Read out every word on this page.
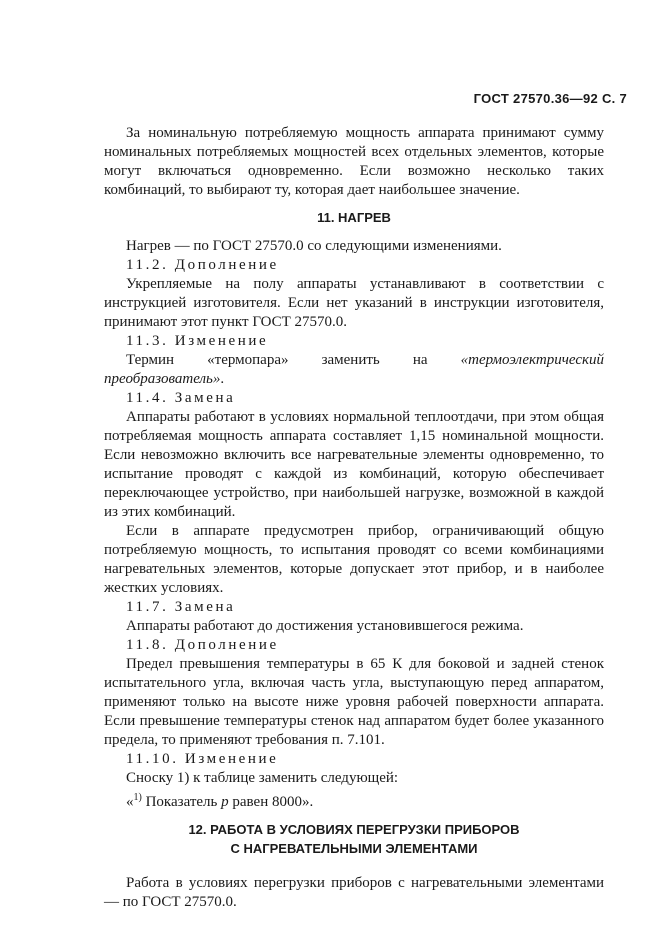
ГОСТ 27570.36—92 С. 7

За номинальную потребляемую мощность аппарата принимают сумму номинальных потребляемых мощностей всех отдельных элементов, которые могут включаться одновременно. Если возможно несколько таких комбинаций, то выбирают ту, которая дает наибольшее значение.

11. НАГРЕВ

Нагрев — по ГОСТ 27570.0 со следующими изменениями.

11.2. Дополнение

Укрепляемые на полу аппараты устанавливают в соответствии с инструкцией изготовителя. Если нет указаний в инструкции изготовителя, принимают этот пункт ГОСТ 27570.0.

11.3. Изменение

Термин «термопара» заменить на «термоэлектрический преобразователь».

11.4. Замена

Аппараты работают в условиях нормальной теплоотдачи, при этом общая потребляемая мощность аппарата составляет 1,15 номинальной мощности. Если невозможно включить все нагревательные элементы одновременно, то испытание проводят с каждой из комбинаций, которую обеспечивает переключающее устройство, при наибольшей нагрузке, возможной в каждой из этих комбинаций.

Если в аппарате предусмотрен прибор, ограничивающий общую потребляемую мощность, то испытания проводят со всеми комбинациями нагревательных элементов, которые допускает этот прибор, и в наиболее жестких условиях.

11.7. Замена

Аппараты работают до достижения установившегося режима.

11.8. Дополнение

Предел превышения температуры в 65 К для боковой и задней стенок испытательного угла, включая часть угла, выступающую перед аппаратом, применяют только на высоте ниже уровня рабочей поверхности аппарата. Если превышение температуры стенок над аппаратом будет более указанного предела, то применяют требования п. 7.101.

11.10. Изменение

Сноску 1) к таблице заменить следующей:

«$^{1)}$ Показатель р равен 8000».

12. РАБОТА В УСЛОВИЯХ ПЕРЕГРУЗКИ ПРИБОРОВ
С НАГРЕВАТЕЛЬНЫМИ ЭЛЕМЕНТАМИ

Работа в условиях перегрузки приборов с нагревательными элементами — по ГОСТ 27570.0.
